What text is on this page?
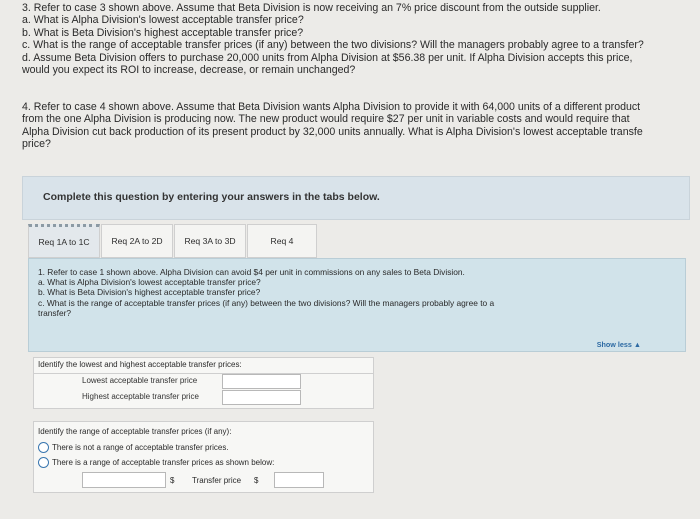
3. Refer to case 3 shown above. Assume that Beta Division is now receiving an 7% price discount from the outside supplier.
a. What is Alpha Division's lowest acceptable transfer price?
b. What is Beta Division's highest acceptable transfer price?
c. What is the range of acceptable transfer prices (if any) between the two divisions? Will the managers probably agree to a transfer?
d. Assume Beta Division offers to purchase 20,000 units from Alpha Division at $56.38 per unit. If Alpha Division accepts this price,
would you expect its ROI to increase, decrease, or remain unchanged?
4. Refer to case 4 shown above. Assume that Beta Division wants Alpha Division to provide it with 64,000 units of a different product
from the one Alpha Division is producing now. The new product would require $27 per unit in variable costs and would require that
Alpha Division cut back production of its present product by 32,000 units annually. What is Alpha Division's lowest acceptable transfe
price?
Complete this question by entering your answers in the tabs below.
Req 1A to 1C	Req 2A to 2D	Req 3A to 3D	Req 4
1. Refer to case 1 shown above. Alpha Division can avoid $4 per unit in commissions on any sales to Beta Division.
a. What is Alpha Division's lowest acceptable transfer price?
b. What is Beta Division's highest acceptable transfer price?
c. What is the range of acceptable transfer prices (if any) between the two divisions? Will the managers probably agree to a
transfer?
Show less ▲
Identify the lowest and highest acceptable transfer prices:
Lowest acceptable transfer price
Highest acceptable transfer price
Identify the range of acceptable transfer prices (if any):
There is not a range of acceptable transfer prices.
There is a range of acceptable transfer prices as shown below:
$ Transfer price $
